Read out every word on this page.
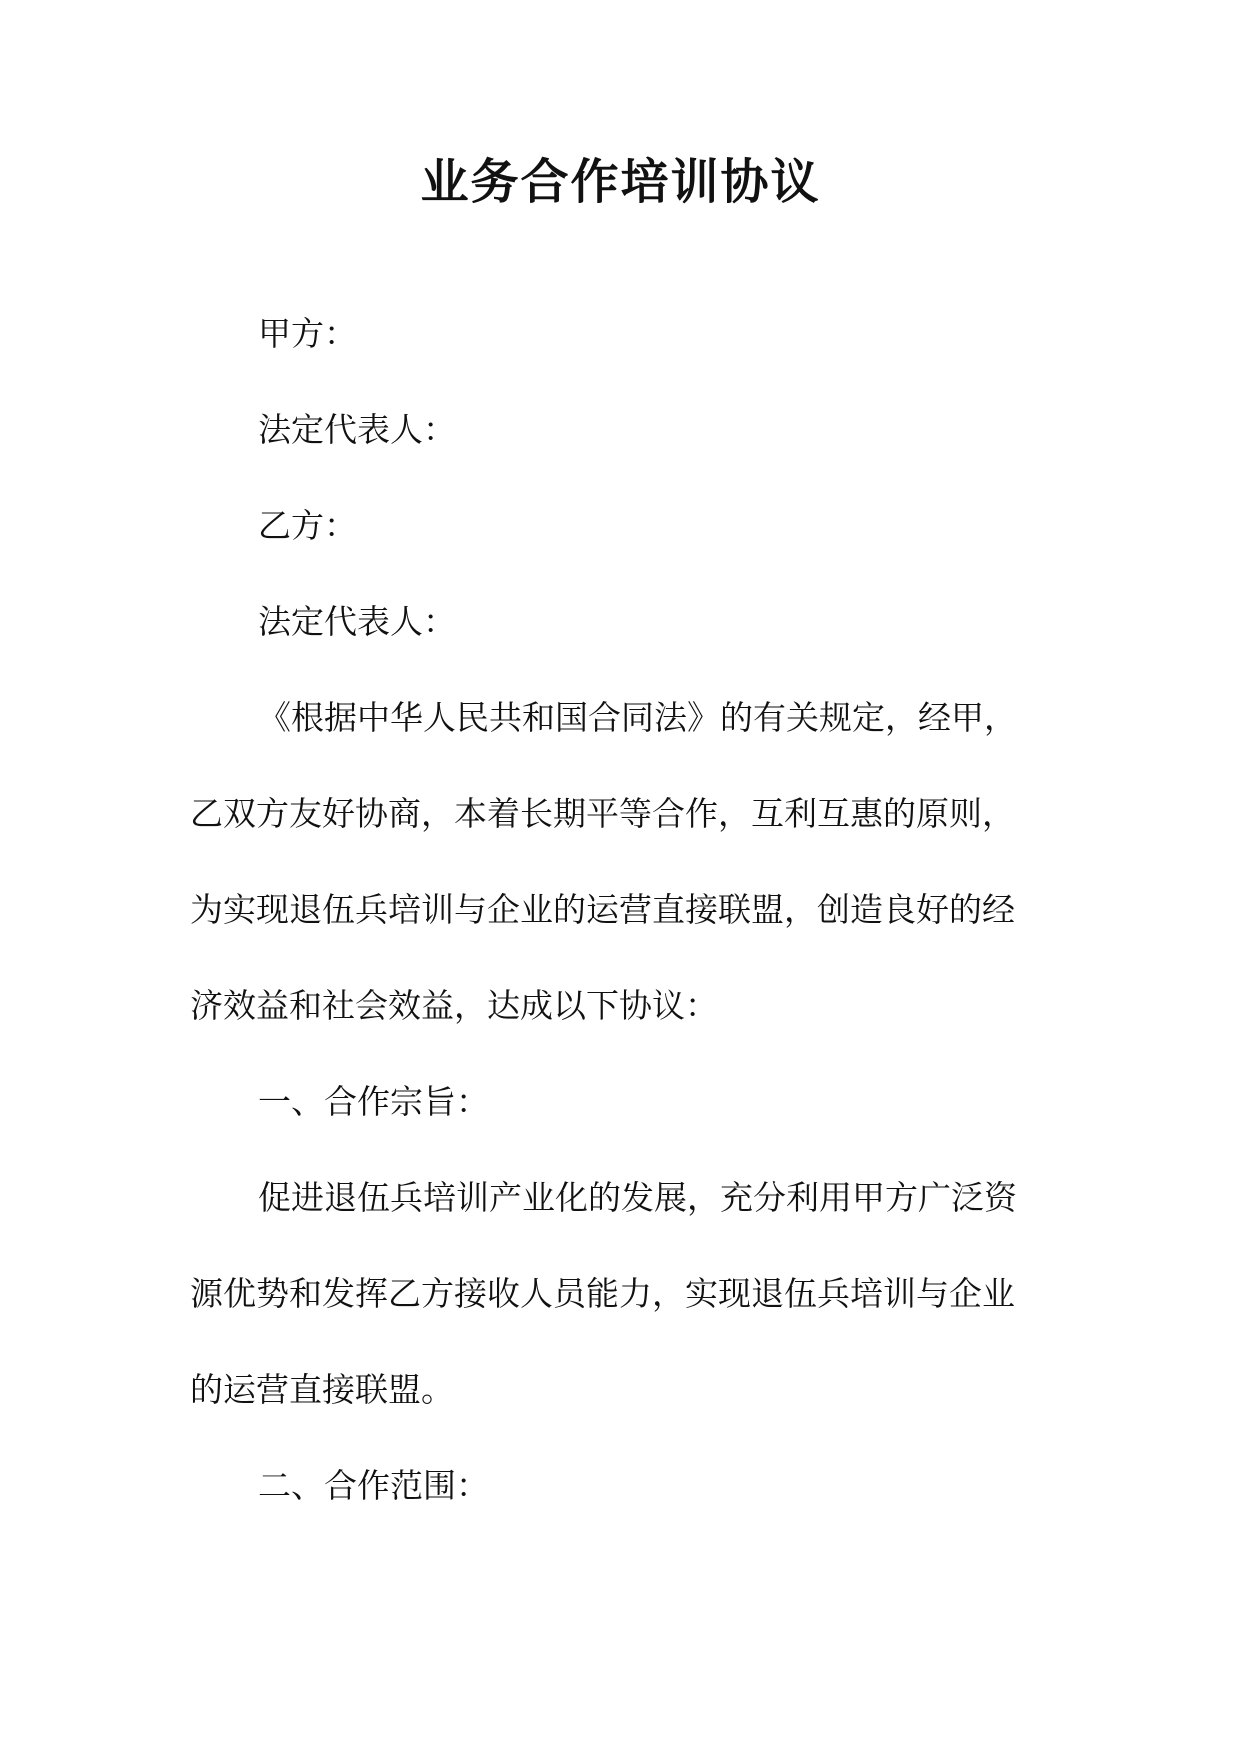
业务合作培训协议

甲方：

法定代表人：

乙方：

法定代表人：

《根据中华人民共和国合同法》的有关规定，经甲，

乙双方友好协商，本着长期平等合作，互利互惠的原则，

为实现退伍兵培训与企业的运营直接联盟，创造良好的经

济效益和社会效益，达成以下协议：

一、合作宗旨：

促进退伍兵培训产业化的发展，充分利用甲方广泛资

源优势和发挥乙方接收人员能力，实现退伍兵培训与企业

的运营直接联盟。

二、合作范围：
